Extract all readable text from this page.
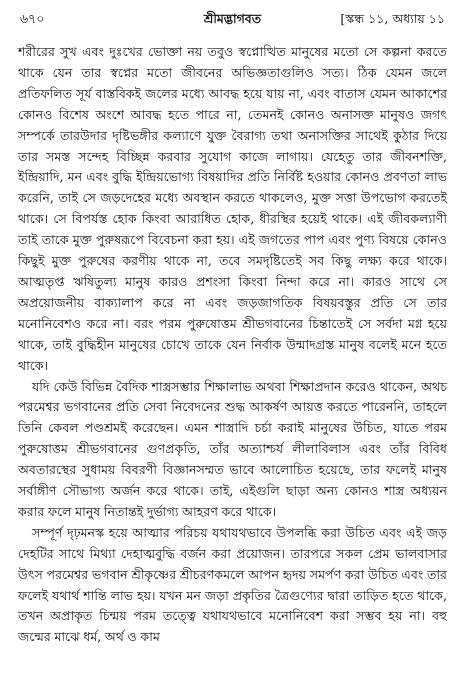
৬৭০	শ্রীমদ্ভাগবত	[স্কন্ধ ১১, অধ্যায় ১১

শরীরের সুখ এবং দুঃখের ভোক্তা নয় তবুও স্বপ্নোত্থিত মানুষের মতো সে কল্পনা করতে থাকে যেন তার স্বপ্নের মতো জীবনের অভিজ্ঞতাগুলিও সত্য। ঠিক যেমন জলে প্রতিফলিত সূর্য বাস্তবিকই জলের মধ্যে আবদ্ধ হয়ে যায় না, এবং বাতাস যেমন আকাশের কোনও বিশেষ অংশে আবদ্ধ হতে পারে না, তেমনই কোনও অনাসক্ত মানুষও জগৎ সম্পর্কে তারউদার দৃষ্টিভঙ্গীর কল্যাণে যুক্ত বৈরাগ্য তথা অনাসক্তির সাথেই কুঠার দিয়ে তার সমস্ত সন্দেহ বিচ্ছিন্ন করবার সুযোগ কাজে লাগায়। যেহেতু তার জীবনশক্তি, ইন্দ্রিয়াদি, মন এবং বুদ্ধি ইন্দ্রিয়ভোগ্য বিষয়াদির প্রতি নির্বিষ্ট হওয়ার কোনও প্রবণতা লাভ করেনি, তাই সে জড়দেহের মধ্যে অবস্থান করতে থাকলেও, মুক্ত সত্তা উপভোগ করতেই থাকে। সে বিপর্যস্ত হোক কিংবা আরাধিত হোক, ধীরস্থির হয়েই থাকে। এই জীবকল্যাণী তাই তাকে মুক্ত পুরুষরূপে বিবেচনা করা হয়। এই জগতের পাপ এবং পুণ্য বিষয়ে কোনও কিছুই মুক্ত পুরুষের করণীয় থাকে না, তবে সমদৃষ্টিতেই সব কিছু লক্ষ্য করে থাকে। আত্মতৃপ্ত ঋষিতুল্য মানুষ কারও প্রশংসা কিংবা নিন্দা করে না। কারও সাথে সে অপ্রয়োজনীয় বাক্যালাপ করে না এবং জড়জাগতিক বিষয়বস্তুর প্রতি সে তার মনোনিবেশও করে না। বরং পরম পুরুষোত্তম শ্রীভগবানের চিন্তাতেই সে সর্বদা মগ্ন হয়ে থাকে, তাই বুদ্ধিহীন মানুষের চোখে তাকে যেন নির্বাক উন্মাদগ্রস্ত মানুষ বলেই মনে হতে থাকে।

যদি কেউ বিভিন্ন বৈদিক শাস্ত্রসম্ভার শিক্ষালাভ অথবা শিক্ষাপ্রদান করেও থাকেন, অথচ পরমেশ্বর ভগবানের প্রতি সেবা নিবেদনের শুদ্ধ আকর্ষণ আয়ত্ত করতে পারেননি, তাহলে তিনি কেবল পণ্ডশ্রমই করেছেন। এমন শাস্ত্রাদি চর্চা করাই মানুষের উচিত, যাতে পরম পুরুষোত্তম শ্রীভগবানের গুণপ্রকৃতি, তাঁর অত্যাশ্চর্য লীলাবিলাস এবং তাঁর বিবিধ অবতারস্থের সুধাময় বিবরণী বিজ্ঞানসম্মত ভাবে আলোচিত হয়েছে, তার ফলেই মানুষ সর্বাঙ্গীণ সৌভাগ্য অর্জন করে থাকে। তাই, এইগুলি ছাড়া অন্য কোনও শাস্ত্র অধ্যয়ন করার ফলে মানুষ নিতান্তই দুর্ভাগ্য আহরণ করে থাকে।

সম্পূর্ণ দৃঢ়মনস্ক হয়ে আত্মার পরিচয় যথাযথভাবে উপলব্ধি করা উচিত এবং এই জড় দেহটির সাথে মিথ্যা দেহাত্মবুদ্ধি বর্জন করা প্রয়োজন। তারপরে সকল প্রেম ভালবাসার উৎস পরমেশ্বর ভগবান শ্রীকৃষ্ণের শ্রীচরণকমলে আপন হৃদয় সমর্পণ করা উচিত এবং তার ফলেই যথার্থ শান্তি লাভ হয়। যখন মন জড়া প্রকৃতির ত্রৈগুণ্যের দ্বারা তাড়িত হতে থাকে, তখন অপ্রাকৃত চিন্ময় পরম তত্ত্বে যথাযথভাবে মনোনিবেশ করা সম্ভব হয় না। বহু জন্মের মাঝে ধর্ম, অর্থ ও কাম
